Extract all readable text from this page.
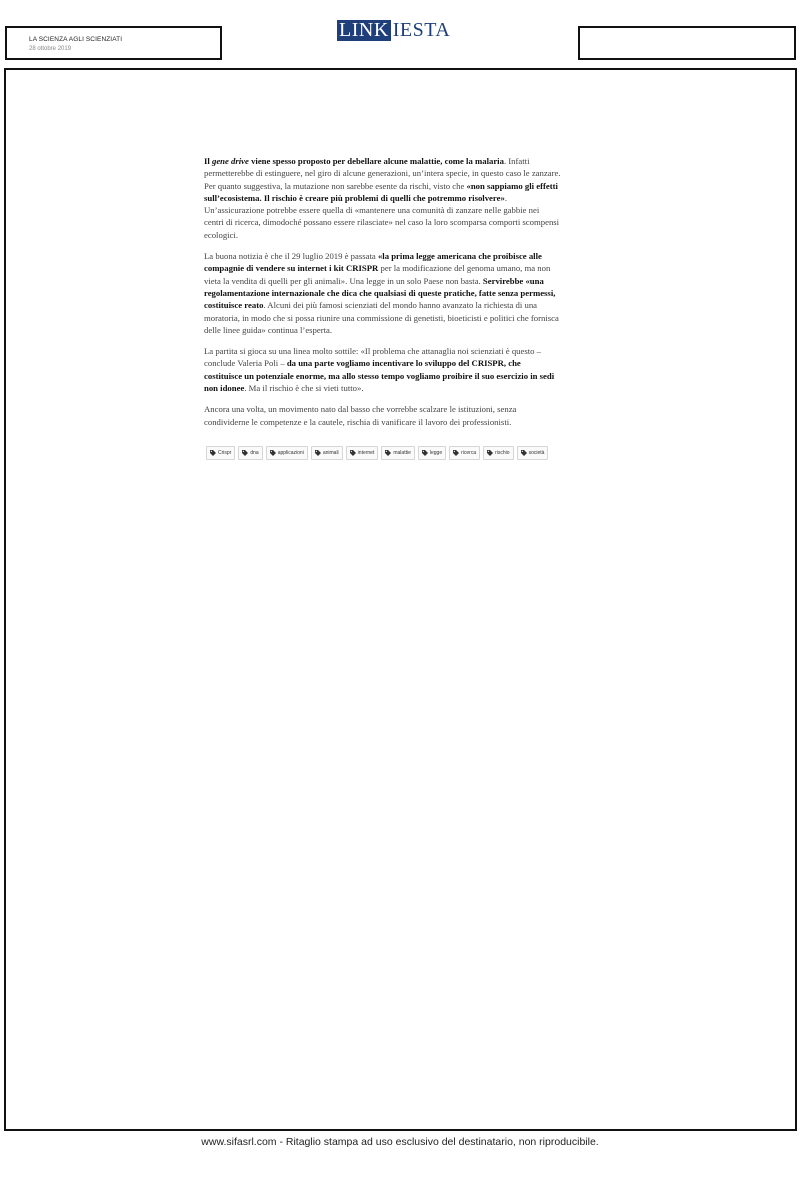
LA SCIENZA AGLI SCIENZIATI
28 ottobre 2019
LINK IESTA

Il gene drive viene spesso proposto per debellare alcune malattie, come la malaria. Infatti permetterebbe di estinguere, nel giro di alcune generazioni, un’intera specie, in questo caso le zanzare. Per quanto suggestiva, la mutazione non sarebbe esente da rischi, visto che «non sappiamo gli effetti sull’ecosistema. Il rischio è creare più problemi di quelli che potremmo risolvere». Un’assicurazione potrebbe essere quella di «mantenere una comunità di zanzare nelle gabbie nei centri di ricerca, dimodoché possano essere rilasciate» nel caso la loro scomparsa comporti scompensi ecologici.

La buona notizia è che il 29 luglio 2019 è passata «la prima legge americana che proibisce alle compagnie di vendere su internet i kit CRISPR per la modificazione del genoma umano, ma non vieta la vendita di quelli per gli animali». Una legge in un solo Paese non basta. Servirebbe «una regolamentazione internazionale che dica che qualsiasi di queste pratiche, fatte senza permessi, costituisce reato. Alcuni dei più famosi scienziati del mondo hanno avanzato la richiesta di una moratoria, in modo che si possa riunire una commissione di genetisti, bioeticisti e politici che fornisca delle linee guida» continua l’esperta.

La partita si gioca su una linea molto sottile: «Il problema che attanaglia noi scienziati è questo – conclude Valeria Poli – da una parte vogliamo incentivare lo sviluppo del CRISPR, che costituisce un potenziale enorme, ma allo stesso tempo vogliamo proibire il suo esercizio in sedi non idonee. Ma il rischio è che si vieti tutto».

Ancora una volta, un movimento nato dal basso che vorrebbe scalzare le istituzioni, senza condividerne le competenze e la cautele, rischia di vanificare il lavoro dei professionisti.

Crispr	dna	applicazioni	animali	internet	malattie	legge	ricerca	rischio	società
www.sifasrl.com - Ritaglio stampa ad uso esclusivo del destinatario, non riproducibile.
